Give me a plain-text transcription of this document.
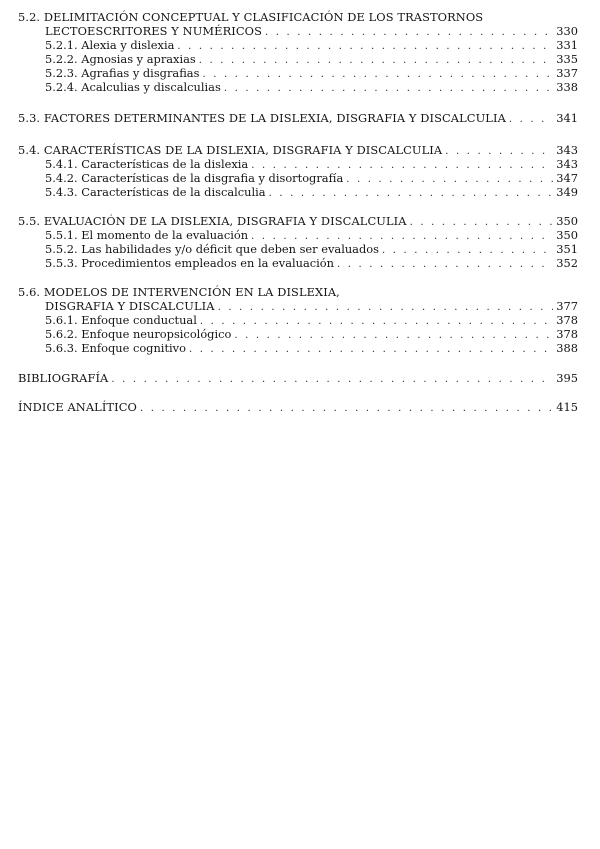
5.2. DELIMITACIÓN CONCEPTUAL Y CLASIFICACIÓN DE LOS TRASTORNOS
LECTOESCRITORES Y NUMÉRICOS . . .	330
5.2.1. Alexia y dislexia . . .	331
5.2.2. Agnosias y apraxias . . .	335
5.2.3. Agrafias y disgrafias . . .	337
5.2.4. Acalculias y discalculias . . .	338
5.3. FACTORES DETERMINANTES DE LA DISLEXIA, DISGRAFIA Y DISCALCULIA . . .	341
5.4. CARACTERÍSTICAS DE LA DISLEXIA, DISGRAFIA Y DISCALCULIA . . .	343
5.4.1. Características de la dislexia . . .	343
5.4.2. Características de la disgrafia y disortografía . . .	347
5.4.3. Características de la discalculia . . .	349
5.5. EVALUACIÓN DE LA DISLEXIA, DISGRAFIA Y DISCALCULIA . . .	350
5.5.1. El momento de la evaluación . . .	350
5.5.2. Las habilidades y/o déficit que deben ser evaluados . . .	351
5.5.3. Procedimientos empleados en la evaluación . . .	352
5.6. MODELOS DE INTERVENCIÓN EN LA DISLEXIA,
DISGRAFIA Y DISCALCULIA . . .	377
5.6.1. Enfoque conductual . . .	378
5.6.2. Enfoque neuropsicológico . . .	378
5.6.3. Enfoque cognitivo . . .	388
BIBLIOGRAFÍA . . .	395
ÍNDICE ANALÍTICO . . .	415
